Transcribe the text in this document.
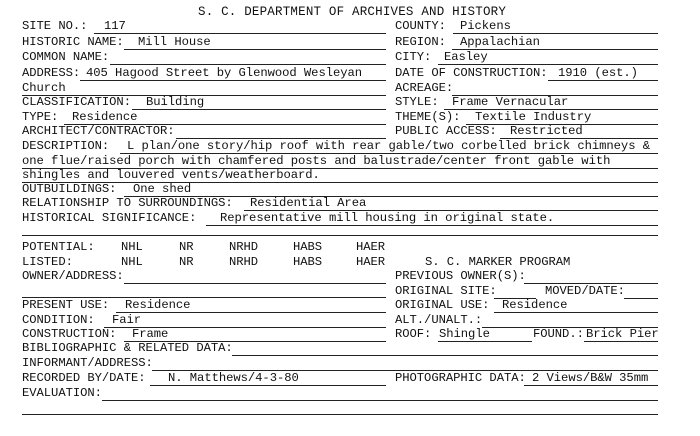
S. C. DEPARTMENT OF ARCHIVES AND HISTORY
SITE NO.: 117	COUNTY: Pickens
HISTORIC NAME: Mill House	REGION: Appalachian
COMMON NAME:	CITY: Easley
ADDRESS: 405 Hagood Street by Glenwood Wesleyan	DATE OF CONSTRUCTION: 1910 (est.)
Church	ACREAGE:
CLASSIFICATION: Building	STYLE: Frame Vernacular
TYPE: Residence	THEME(S): Textile Industry
ARCHITECT/CONTRACTOR:	PUBLIC ACCESS: Restricted
DESCRIPTION: L plan/one story/hip roof with rear gable/two corbelled brick chimneys &
one flue/raised porch with chamfered posts and balustrade/center front gable with
shingles and louvered vents/weatherboard.
OUTBUILDINGS: One shed
RELATIONSHIP TO SURROUNDINGS: Residential Area
HISTORICAL SIGNIFICANCE: Representative mill housing in original state.
POTENTIAL: NHL	NR	NRHD	HABS	HAER
LISTED:	NHL	NR	NRHD	HABS	HAER	S. C. MARKER PROGRAM
OWNER/ADDRESS:	PREVIOUS OWNER(S):
ORIGINAL SITE:	MOVED/DATE:
PRESENT USE: Residence	ORIGINAL USE: Residence
CONDITION: Fair	ALT./UNALT.:
CONSTRUCTION: Frame	ROOF: Shingle	FOUND.: Brick Pier
BIBLIOGRAPHIC & RELATED DATA:
INFORMANT/ADDRESS:
RECORDED BY/DATE: N. Matthews/4-3-80	PHOTOGRAPHIC DATA: 2 Views/B&W 35mm
EVALUATION:
